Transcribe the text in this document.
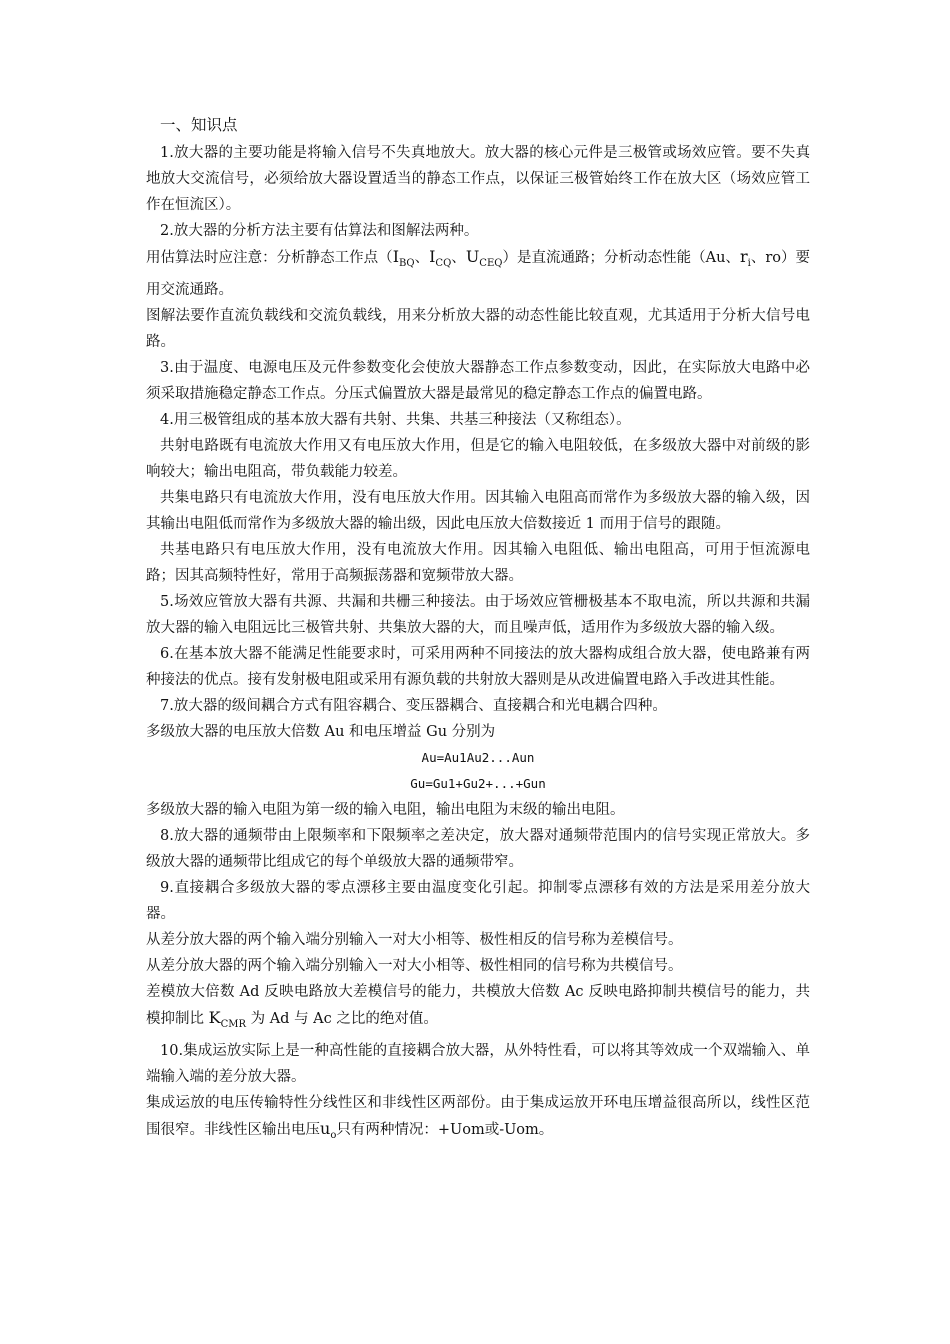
一、知识点

1.放大器的主要功能是将输入信号不失真地放大。放大器的核心元件是三极管或场效应管。要不失真地放大交流信号，必须给放大器设置适当的静态工作点，以保证三极管始终工作在放大区（场效应管工作在恒流区）。

2.放大器的分析方法主要有估算法和图解法两种。

用估算法时应注意：分析静态工作点（$I_{BQ}$、$I_{CQ}$、$U_{CEQ}$）是直流通路；分析动态性能（Au、$r_i$、ro）要用交流通路。

图解法要作直流负载线和交流负载线，用来分析放大器的动态性能比较直观，尤其适用于分析大信号电路。

3.由于温度、电源电压及元件参数变化会使放大器静态工作点参数变动，因此，在实际放大电路中必须采取措施稳定静态工作点。分压式偏置放大器是最常见的稳定静态工作点的偏置电路。

4.用三极管组成的基本放大器有共射、共集、共基三种接法（又称组态）。

共射电路既有电流放大作用又有电压放大作用，但是它的输入电阻较低，在多级放大器中对前级的影响较大；输出电阻高，带负载能力较差。

共集电路只有电流放大作用，没有电压放大作用。因其输入电阻高而常作为多级放大器的输入级，因其输出电阻低而常作为多级放大器的输出级，因此电压放大倍数接近 1 而用于信号的跟随。

共基电路只有电压放大作用，没有电流放大作用。因其输入电阻低、输出电阻高，可用于恒流源电路；因其高频特性好，常用于高频振荡器和宽频带放大器。

5.场效应管放大器有共源、共漏和共栅三种接法。由于场效应管栅极基本不取电流，所以共源和共漏放大器的输入电阻远比三极管共射、共集放大器的大，而且噪声低，适用作为多级放大器的输入级。

6.在基本放大器不能满足性能要求时，可采用两种不同接法的放大器构成组合放大器，使电路兼有两种接法的优点。接有发射极电阻或采用有源负载的共射放大器则是从改进偏置电路入手改进其性能。

7.放大器的级间耦合方式有阻容耦合、变压器耦合、直接耦合和光电耦合四种。

多级放大器的电压放大倍数 Au 和电压增益 Gu 分别为

Au=Au1Au2...Aun

Gu=Gu1+Gu2+...+Gun

多级放大器的输入电阻为第一级的输入电阻，输出电阻为末级的输出电阻。

8.放大器的通频带由上限频率和下限频率之差决定，放大器对通频带范围内的信号实现正常放大。多级放大器的通频带比组成它的每个单级放大器的通频带窄。

9.直接耦合多级放大器的零点漂移主要由温度变化引起。抑制零点漂移有效的方法是采用差分放大器。

从差分放大器的两个输入端分别输入一对大小相等、极性相反的信号称为差模信号。

从差分放大器的两个输入端分别输入一对大小相等、极性相同的信号称为共模信号。

差模放大倍数 Ad 反映电路放大差模信号的能力，共模放大倍数 Ac 反映电路抑制共模信号的能力，共模抑制比 $K_{CMR}$ 为 Ad 与 Ac 之比的绝对值。

10.集成运放实际上是一种高性能的直接耦合放大器，从外特性看，可以将其等效成一个双端输入、单端输入端的差分放大器。

集成运放的电压传输特性分线性区和非线性区两部份。由于集成运放开环电压增益很高所以，线性区范围很窄。非线性区输出电压$u_o$只有两种情况：+Uom或-Uom。
